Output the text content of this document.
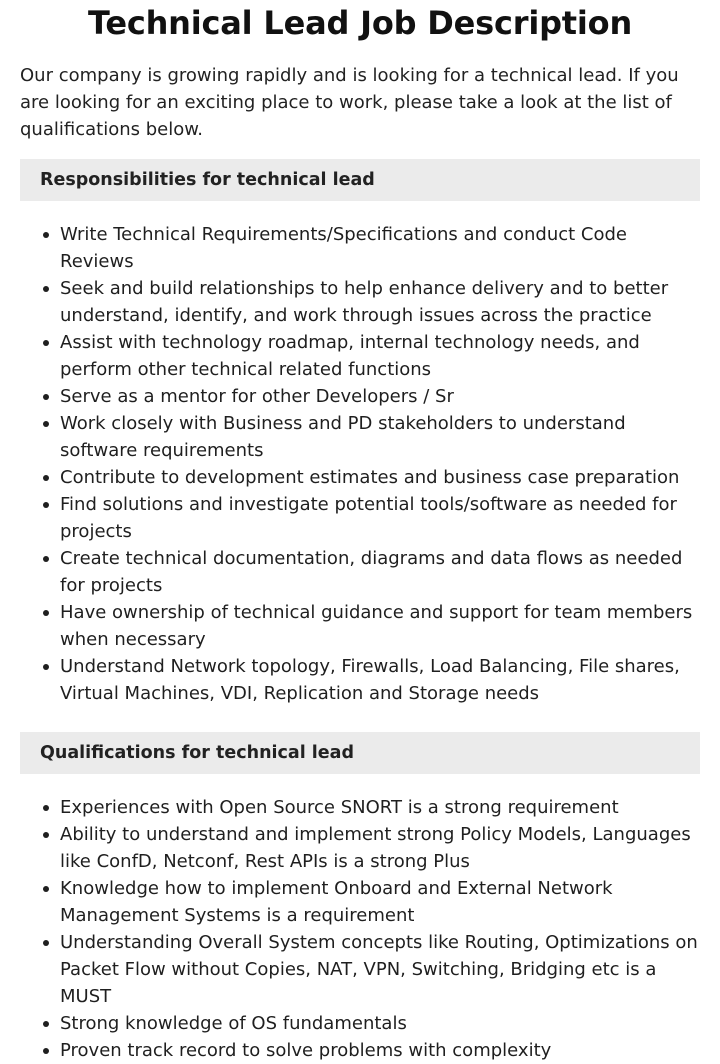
Technical Lead Job Description

Our company is growing rapidly and is looking for a technical lead. If you are looking for an exciting place to work, please take a look at the list of qualifications below.

Responsibilities for technical lead
Write Technical Requirements/Specifications and conduct Code Reviews
Seek and build relationships to help enhance delivery and to better understand, identify, and work through issues across the practice
Assist with technology roadmap, internal technology needs, and perform other technical related functions
Serve as a mentor for other Developers / Sr
Work closely with Business and PD stakeholders to understand software requirements
Contribute to development estimates and business case preparation
Find solutions and investigate potential tools/software as needed for projects
Create technical documentation, diagrams and data flows as needed for projects
Have ownership of technical guidance and support for team members when necessary
Understand Network topology, Firewalls, Load Balancing, File shares, Virtual Machines, VDI, Replication and Storage needs
Qualifications for technical lead
Experiences with Open Source SNORT is a strong requirement
Ability to understand and implement strong Policy Models, Languages like ConfD, Netconf, Rest APIs is a strong Plus
Knowledge how to implement Onboard and External Network Management Systems is a requirement
Understanding Overall System concepts like Routing, Optimizations on Packet Flow without Copies, NAT, VPN, Switching, Bridging etc is a MUST
Strong knowledge of OS fundamentals
Proven track record to solve problems with complexity
